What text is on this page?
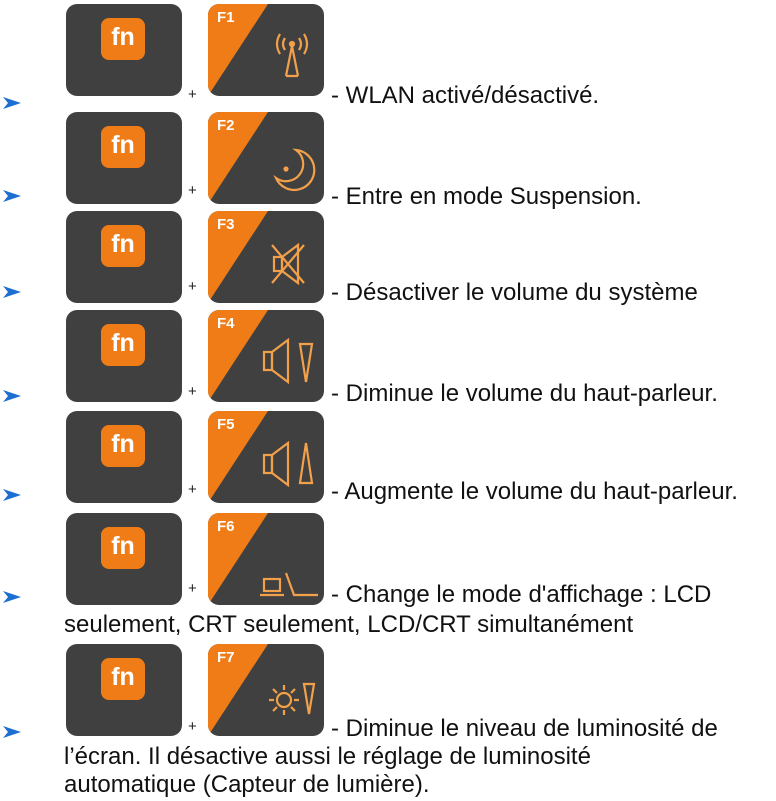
fn
F1
+	- WLAN activé/désactivé.
fn
F2
+	- Entre en mode Suspension.
fn
F3
+	- Désactiver le volume du système
fn
F4
+	- Diminue le volume du haut-parleur.
fn
F5
+	- Augmente le volume du haut-parleur.
fn
F6
+	- Change le mode d'affichage : LCD
seulement, CRT seulement, LCD/CRT simultanément
fn
F7
+	- Diminue le niveau de luminosité de
l’écran. Il désactive aussi le réglage de luminosité
automatique (Capteur de lumière).
